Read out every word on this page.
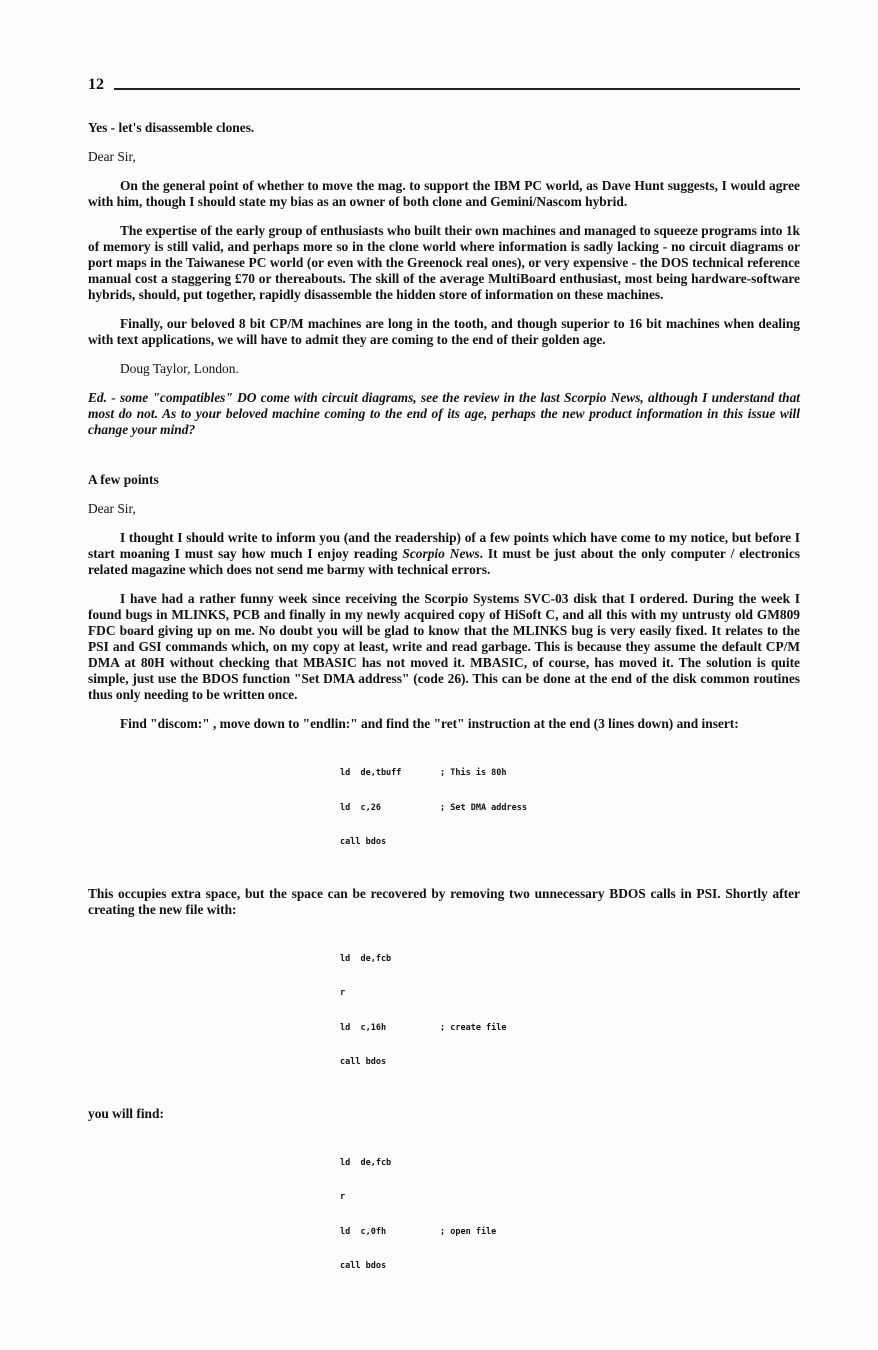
12
Yes - let's disassemble clones.
Dear Sir,
On the general point of whether to move the mag. to support the IBM PC world, as Dave Hunt suggests, I would agree with him, though I should state my bias as an owner of both clone and Gemini/Nascom hybrid.
The expertise of the early group of enthusiasts who built their own machines and managed to squeeze programs into 1k of memory is still valid, and perhaps more so in the clone world where information is sadly lacking - no circuit diagrams or port maps in the Taiwanese PC world (or even with the Greenock real ones), or very expensive - the DOS technical reference manual cost a staggering £70 or thereabouts. The skill of the average MultiBoard enthusiast, most being hardware-software hybrids, should, put together, rapidly disassemble the hidden store of information on these machines.
Finally, our beloved 8 bit CP/M machines are long in the tooth, and though superior to 16 bit machines when dealing with text applications, we will have to admit they are coming to the end of their golden age.
Doug Taylor, London.
Ed. - some "compatibles" DO come with circuit diagrams, see the review in the last Scorpio News, although I understand that most do not. As to your beloved machine coming to the end of its age, perhaps the new product information in this issue will change your mind?
A few points
Dear Sir,
I thought I should write to inform you (and the readership) of a few points which have come to my notice, but before I start moaning I must say how much I enjoy reading Scorpio News. It must be just about the only computer / electronics related magazine which does not send me barmy with technical errors.
I have had a rather funny week since receiving the Scorpio Systems SVC-03 disk that I ordered. During the week I found bugs in MLINKS, PCB and finally in my newly acquired copy of HiSoft C, and all this with my untrusty old GM809 FDC board giving up on me. No doubt you will be glad to know that the MLINKS bug is very easily fixed. It relates to the PSI and GSI commands which, on my copy at least, write and read garbage. This is because they assume the default CP/M DMA at 80H without checking that MBASIC has not moved it. MBASIC, of course, has moved it. The solution is quite simple, just use the BDOS function "Set DMA address" (code 26). This can be done at the end of the disk common routines thus only needing to be written once.
Find "discom:" , move down to "endlin:" and find the "ret" instruction at the end (3 lines down) and insert:

ld  de,tbuff	; This is 80h

ld  c,26	; Set DMA address

call bdos

This occupies extra space, but the space can be recovered by removing two unnecessary BDOS calls in PSI. Shortly after creating the new file with:

ld  de,fcb

r

ld  c,16h	; create file

call bdos

you will find:

ld  de,fcb

r

ld  c,0fh	; open file

call bdos
